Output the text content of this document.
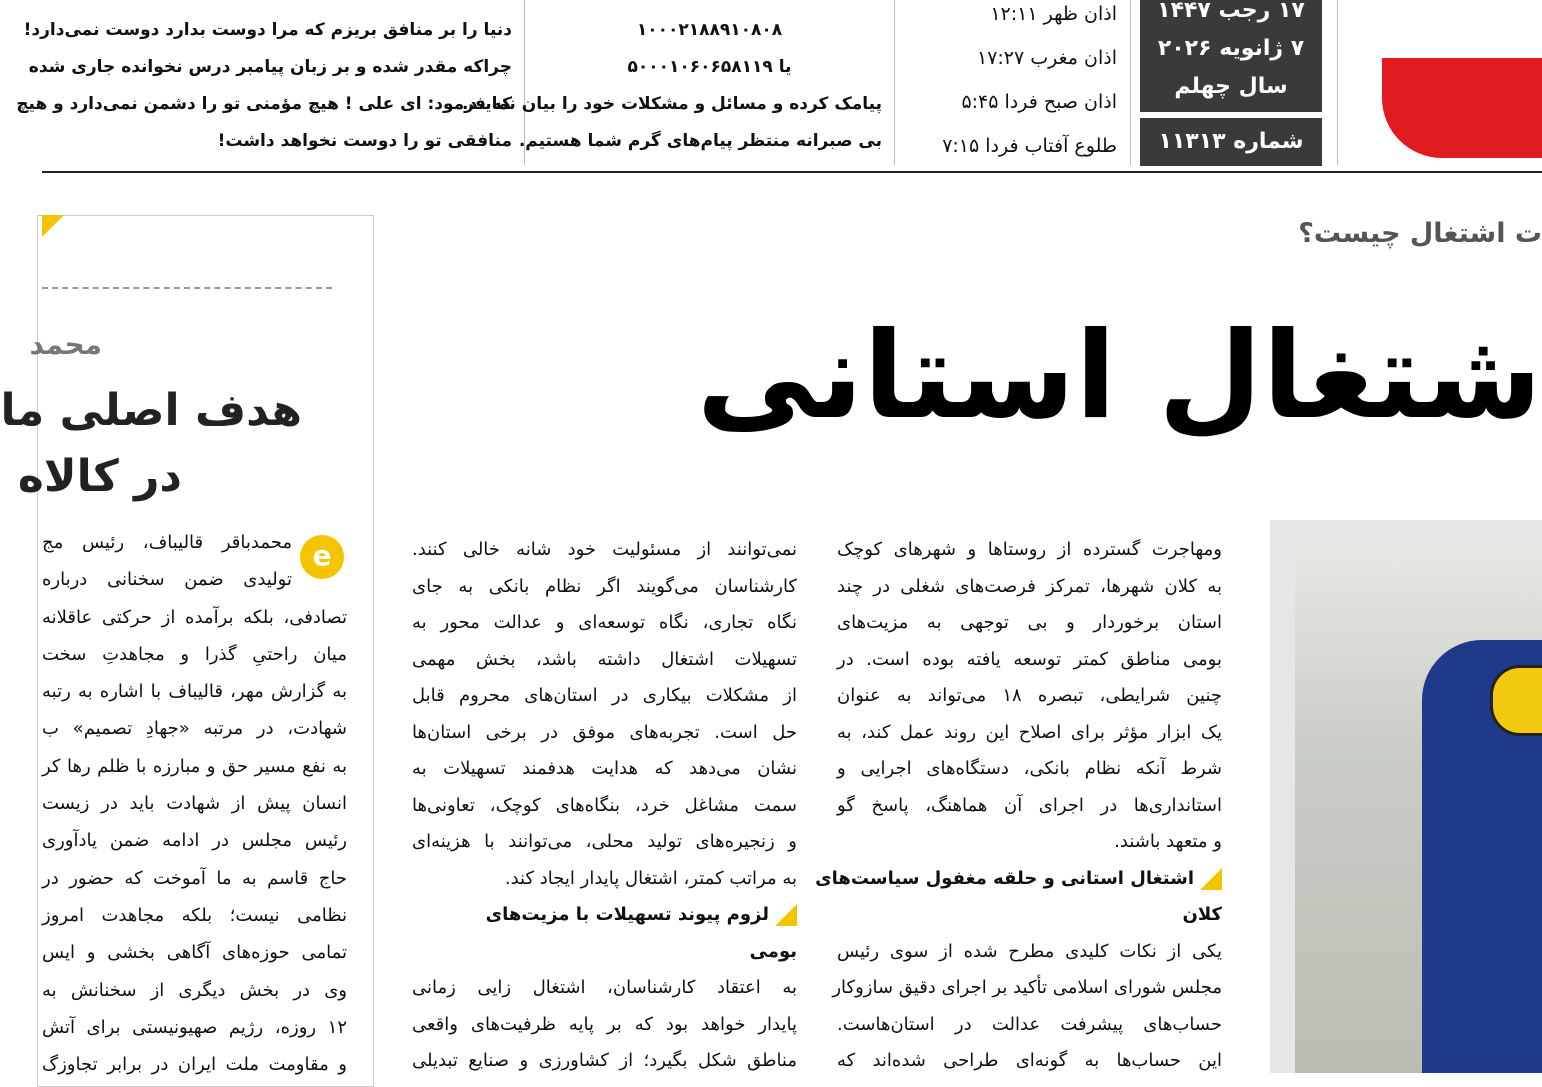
دنیا را بر منافق بریزم که مرا دوست بدارد دوست نمی‌دارد!
چراکه مقدر شده و بر زبان پیامبر درس نخوانده جاری شده
که فرمود: ای علی ! هیچ مؤمنی تو را دشمن نمی‌دارد و هیچ
منافقی تو را دوست نخواهد داشت!
۱۰۰۰۲۱۸۸۹۱۰۸۰۸
یا ۵۰۰۰۱۰۶۰۶۵۸۱۱۹
پیامک کرده و مسائل و مشکلات خود را بیان نمایند.
بی صبرانه منتظر پیام‌های گرم شما هستیم.
اذان ظهر ۱۲:۱۱
اذان مغرب ۱۷:۲۷
اذان صبح فردا ۵:۴۵
طلوع آفتاب فردا ۷:۱۵
۱۷ رجب ۱۴۴۷
۷ ژانویه ۲۰۲۶
سال چهلم
شماره ۱۱۳۱۳
ت اشتغال چیست؟
شتغال استانی
ومهاجرت گسترده از روستاها و شهرهای کوچک
به کلان شهرها، تمرکز فرصت‌های شغلی در چند
استان برخوردار و بی توجهی به مزیت‌های
بومی مناطق کمتر توسعه یافته بوده است. در
چنین شرایطی، تبصره ۱۸ می‌تواند به عنوان
یک ابزار مؤثر برای اصلاح این روند عمل کند، به
شرط آنکه نظام بانکی، دستگاه‌های اجرایی و
استانداری‌ها در اجرای آن هماهنگ، پاسخ گو
و متعهد باشند.
اشتغال استانی و حلقه مغفول سیاست‌های
کلان
یکی از نکات کلیدی مطرح شده از سوی رئیس
مجلس شورای اسلامی تأکید بر اجرای دقیق سازوکار
حساب‌های پیشرفت عدالت در استان‌هاست.
این حساب‌ها به گونه‌ای طراحی شده‌اند که
نمی‌توانند از مسئولیت خود شانه خالی کنند.
کارشناسان می‌گویند اگر نظام بانکی به جای
نگاه تجاری، نگاه توسعه‌ای و عدالت محور به
تسهیلات اشتغال داشته باشد، بخش مهمی
از مشکلات بیکاری در استان‌های محروم قابل
حل است. تجربه‌های موفق در برخی استان‌ها
نشان می‌دهد که هدایت هدفمند تسهیلات به
سمت مشاغل خرد، بنگاه‌های کوچک، تعاونی‌ها
و زنجیره‌های تولید محلی، می‌توانند با هزینه‌ای
به مراتب کمتر، اشتغال پایدار ایجاد کند.
لزوم پیوند تسهیلات با مزیت‌های
بومی
به اعتقاد کارشناسان، اشتغال زایی زمانی
پایدار خواهد بود که بر پایه ظرفیت‌های واقعی
مناطق شکل بگیرد؛ از کشاورزی و صنایع تبدیلی
محمد
هدف اصلی ما
در کالاه
e
محمدباقر قالیباف، رئیس مج
تولیدی ضمن سخنانی درباره
تصادفی، بلکه برآمده از حرکتی عاقلانه
میان راحتیِ گذرا و مجاهدتِ سخت
به گزارش مهر، قالیباف با اشاره به رتبه
شهادت، در مرتبه «جهادِ تصمیم» ب
به نفع مسیر حق و مبارزه با ظلم رها کر
انسان پیش از شهادت باید در زیست
رئیس مجلس در ادامه ضمن یادآوری
حاج قاسم به ما آموخت که حضور در
نظامی نیست؛ بلکه مجاهدت امروز
تمامی حوزه‌های آگاهی بخشی و ایس
وی در بخش دیگری از سخنانش به
۱۲ روزه، رژیم صهیونیستی برای آتش
و مقاومت ملت ایران در برابر تجاوزگ
